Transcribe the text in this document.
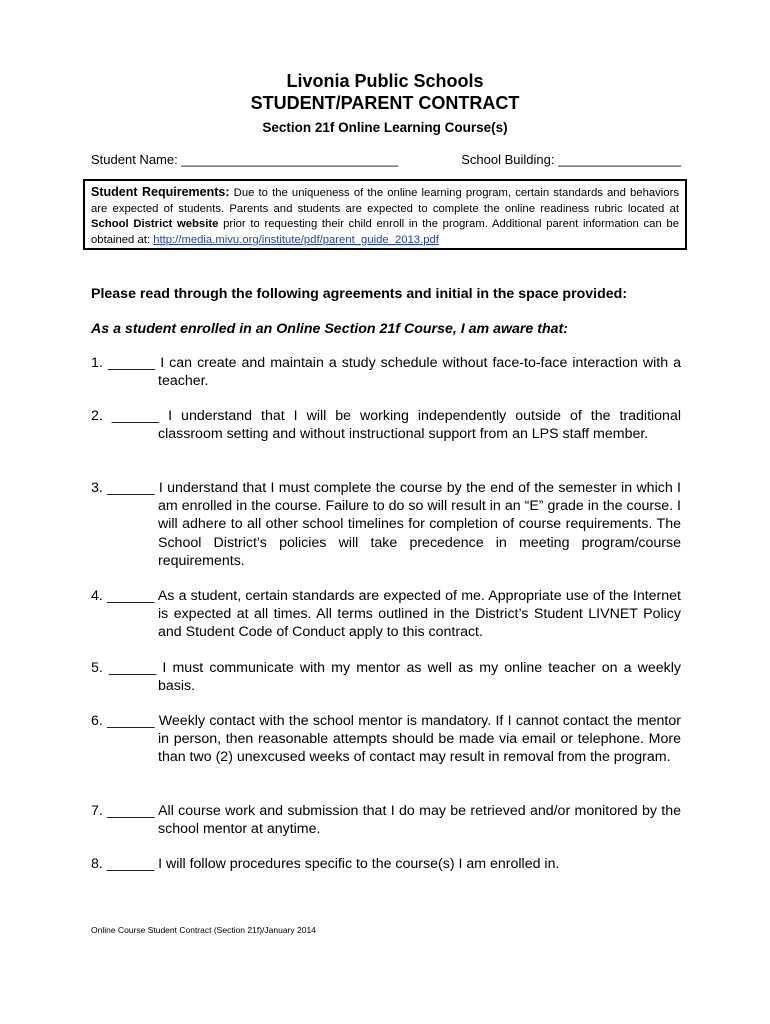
Livonia Public Schools
STUDENT/PARENT CONTRACT
Section 21f Online Learning Course(s)
Student Name: ______________________________	School Building: _________________
Student Requirements: Due to the uniqueness of the online learning program, certain standards and behaviors are expected of students. Parents and students are expected to complete the online readiness rubric located at School District website prior to requesting their child enroll in the program. Additional parent information can be obtained at: http://media.mivu.org/institute/pdf/parent_guide_2013.pdf
Please read through the following agreements and initial in the space provided:
As a student enrolled in an Online Section 21f Course, I am aware that:
1. ______ I can create and maintain a study schedule without face-to-face interaction with a teacher.
2. ______ I understand that I will be working independently outside of the traditional classroom setting and without instructional support from an LPS staff member.
3. ______ I understand that I must complete the course by the end of the semester in which I am enrolled in the course. Failure to do so will result in an “E” grade in the course. I will adhere to all other school timelines for completion of course requirements. The School District’s policies will take precedence in meeting program/course requirements.
4. ______ As a student, certain standards are expected of me. Appropriate use of the Internet is expected at all times. All terms outlined in the District’s Student LIVNET Policy and Student Code of Conduct apply to this contract.
5. ______ I must communicate with my mentor as well as my online teacher on a weekly basis.
6. ______ Weekly contact with the school mentor is mandatory. If I cannot contact the mentor in person, then reasonable attempts should be made via email or telephone. More than two (2) unexcused weeks of contact may result in removal from the program.
7. ______ All course work and submission that I do may be retrieved and/or monitored by the school mentor at anytime.
8. ______ I will follow procedures specific to the course(s) I am enrolled in.
Online Course Student Contract (Section 21f)/January 2014
